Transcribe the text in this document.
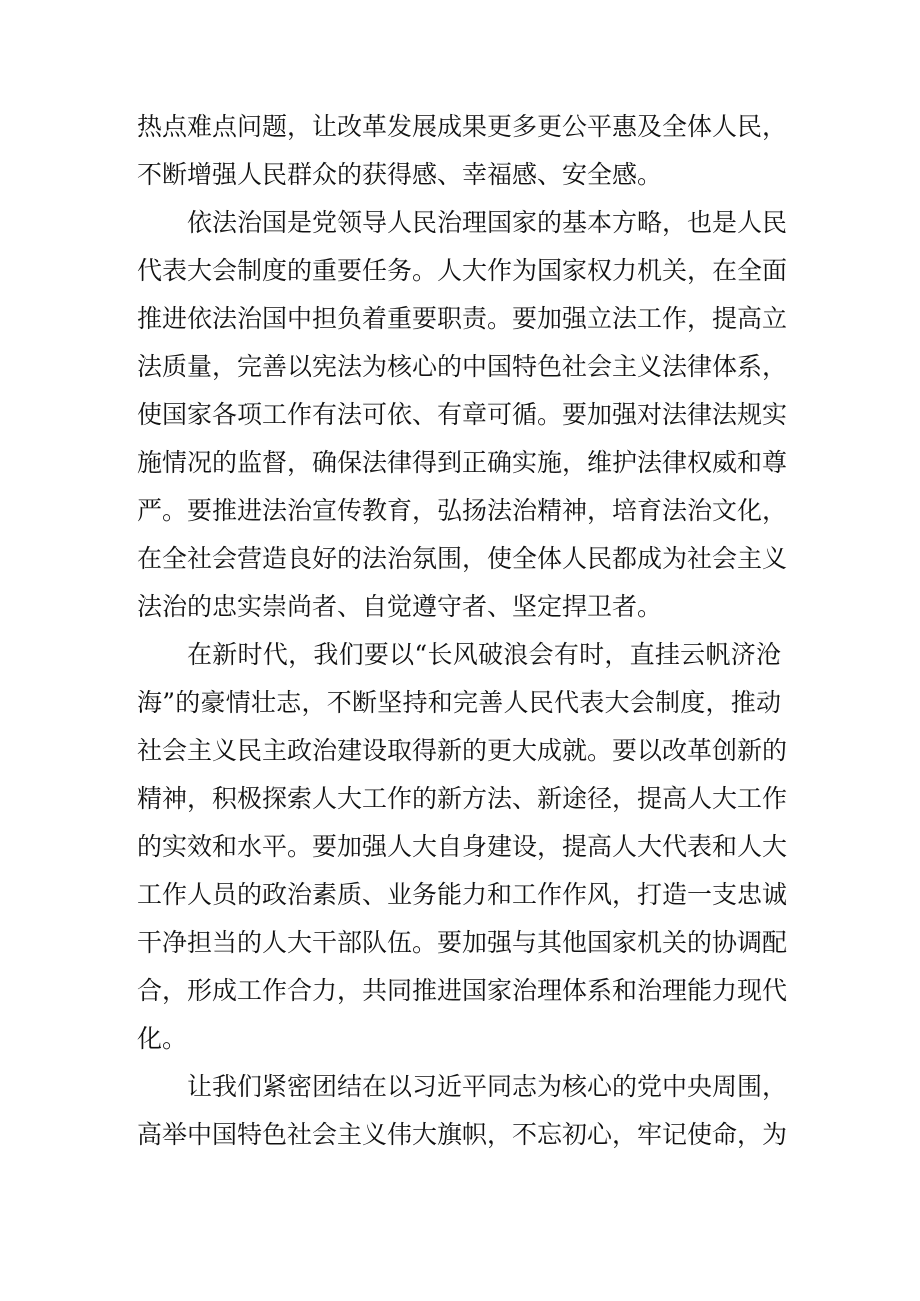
热点难点问题，让改革发展成果更多更公平惠及全体人民，
不断增强人民群众的获得感、幸福感、安全感。
依法治国是党领导人民治理国家的基本方略，也是人民
代表大会制度的重要任务。人大作为国家权力机关，在全面
推进依法治国中担负着重要职责。要加强立法工作，提高立
法质量，完善以宪法为核心的中国特色社会主义法律体系，
使国家各项工作有法可依、有章可循。要加强对法律法规实
施情况的监督，确保法律得到正确实施，维护法律权威和尊
严。要推进法治宣传教育，弘扬法治精神，培育法治文化，
在全社会营造良好的法治氛围，使全体人民都成为社会主义
法治的忠实崇尚者、自觉遵守者、坚定捍卫者。
在新时代，我们要以“长风破浪会有时，直挂云帆济沧
海”的豪情壮志，不断坚持和完善人民代表大会制度，推动
社会主义民主政治建设取得新的更大成就。要以改革创新的
精神，积极探索人大工作的新方法、新途径，提高人大工作
的实效和水平。要加强人大自身建设，提高人大代表和人大
工作人员的政治素质、业务能力和工作作风，打造一支忠诚
干净担当的人大干部队伍。要加强与其他国家机关的协调配
合，形成工作合力，共同推进国家治理体系和治理能力现代
化。
让我们紧密团结在以习近平同志为核心的党中央周围，
高举中国特色社会主义伟大旗帜，不忘初心，牢记使命，为
